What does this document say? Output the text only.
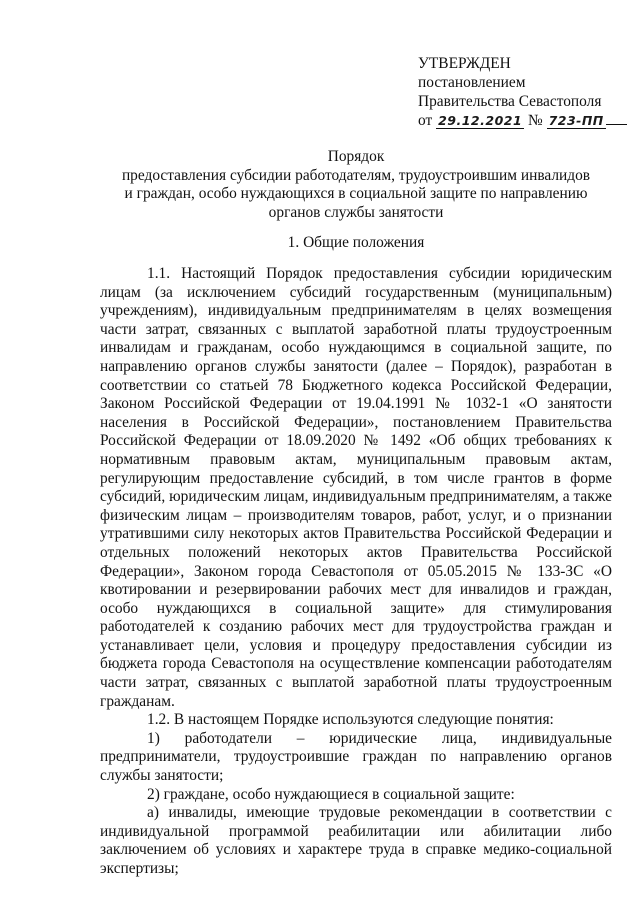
УТВЕРЖДЕН
постановлением
Правительства Севастополя
от 29.12.2021 № 723-ПП
Порядок
предоставления субсидии работодателям, трудоустроившим инвалидов
и граждан, особо нуждающихся в социальной защите по направлению
органов службы занятости
1. Общие положения

1.1. Настоящий Порядок предоставления субсидии юридическим лицам (за исключением субсидий государственным (муниципальным) учреждениям), индивидуальным предпринимателям в целях возмещения части затрат, связанных с выплатой заработной платы трудоустроенным инвалидам и гражданам, особо нуждающимся в социальной защите, по направлению органов службы занятости (далее – Порядок), разработан в соответствии со статьей 78 Бюджетного кодекса Российской Федерации, Законом Российской Федерации от 19.04.1991 № 1032-1 «О занятости населения в Российской Федерации», постановлением Правительства Российской Федерации от 18.09.2020 № 1492 «Об общих требованиях к нормативным правовым актам, муниципальным правовым актам, регулирующим предоставление субсидий, в том числе грантов в форме субсидий, юридическим лицам, индивидуальным предпринимателям, а также физическим лицам – производителям товаров, работ, услуг, и о признании утратившими силу некоторых актов Правительства Российской Федерации и отдельных положений некоторых актов Правительства Российской Федерации», Законом города Севастополя от 05.05.2015 № 133-ЗС «О квотировании и резервировании рабочих мест для инвалидов и граждан, особо нуждающихся в социальной защите» для стимулирования работодателей к созданию рабочих мест для трудоустройства граждан и устанавливает цели, условия и процедуру предоставления субсидии из бюджета города Севастополя на осуществление компенсации работодателям части затрат, связанных с выплатой заработной платы трудоустроенным гражданам.

1.2. В настоящем Порядке используются следующие понятия:

1) работодатели – юридические лица, индивидуальные предприниматели, трудоустроившие граждан по направлению органов службы занятости;

2) граждане, особо нуждающиеся в социальной защите:

а) инвалиды, имеющие трудовые рекомендации в соответствии с индивидуальной программой реабилитации или абилитации либо заключением об условиях и характере труда в справке медико-социальной экспертизы;
